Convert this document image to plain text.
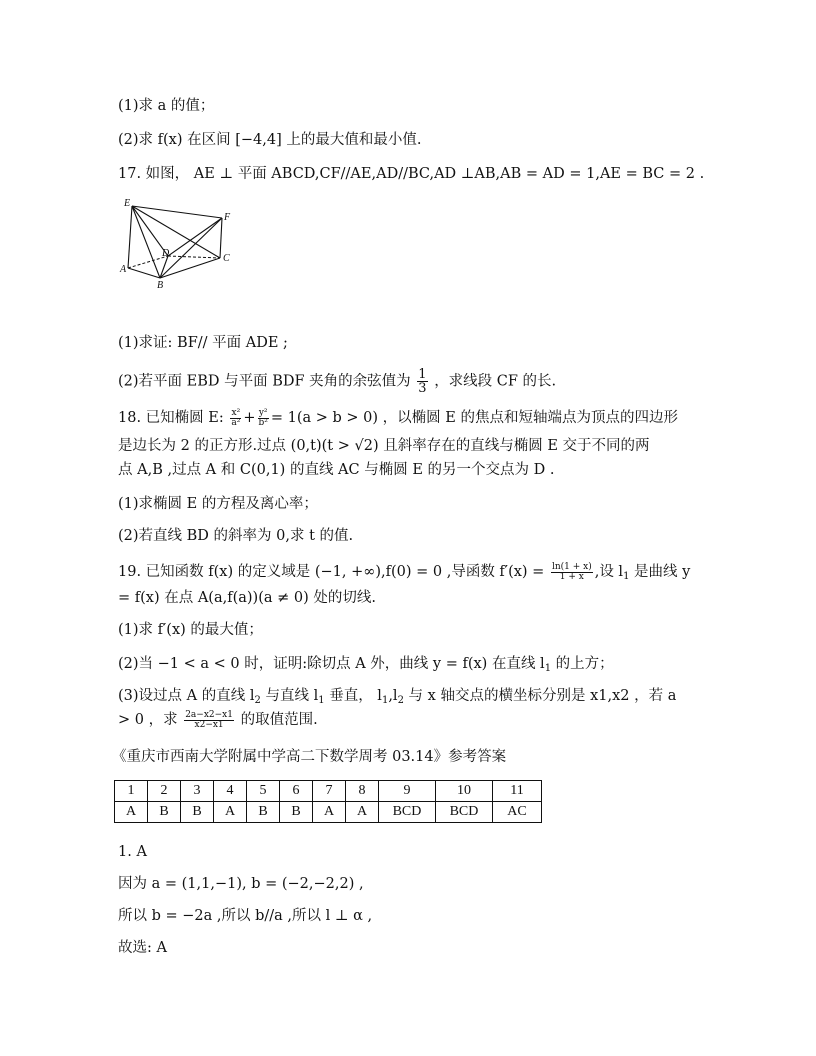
(1)求 a 的值；
(2)求 f(x) 在区间 [−4,4] 上的最大值和最小值.
17. 如图， AE ⊥ 平面 ABCD,CF//AE,AD//BC,AD ⊥AB,AB = AD = 1,AE = BC = 2 .
E
F
D	C
A
B
(1)求证: BF// 平面 ADE ;
(2)若平面 EBD 与平面 BDF 夹角的余弦值为 $\frac{1}{3}$ ，求线段 CF 的长.
18. 已知椭圆 E: $\frac{\text{x²}}{\text{a²}} + \frac{\text{y²}}{\text{b²}} = 1(a > b > 0)$ ，以椭圆 E 的焦点和短轴端点为顶点的四边形
是边长为 2 的正方形.过点 (0,t)(t > √2) 且斜率存在的直线与椭圆 E 交于不同的两
点 A,B ,过点 A 和 C(0,1) 的直线 AC 与椭圆 E 的另一个交点为 D .
(1)求椭圆 E 的方程及离心率；
(2)若直线 BD 的斜率为 0,求 t 的值.
19. 已知函数 f(x) 的定义域是 (−1, +∞),f(0) = 0 ,导函数 $f'(x) = \frac{\ln(1 + x)}{1 + x}$ ,设 $l_1$ 是曲线 y
= f(x) 在点 A(a,f(a))(a ≠ 0) 处的切线.
(1)求 f′(x) 的最大值；
(2)当 −1 < a < 0 时，证明:除切点 A 外，曲线 y = f(x) 在直线 $l_1$ 的上方；
(3)设过点 A 的直线 $l_2$ 与直线 $l_1$ 垂直， $l_1,l_2$ 与 x 轴交点的横坐标分别是 x1,x2 ，若 a
> 0 ，求 $\frac{2a-x2-x1}{x2-x1}$ 的取值范围.
《重庆市西南大学附属中学高二下数学周考 03.14》参考答案
1	2	3	4	5	6	7	8	9	10	11
A	B	B	A	B	B	A	A	BCD	BCD	AC
1. A
因为 a = (1,1,−1), b = (−2,−2,2) ,
所以 b = −2a ,所以 b//a ,所以 l ⊥ α ,
故选: A
